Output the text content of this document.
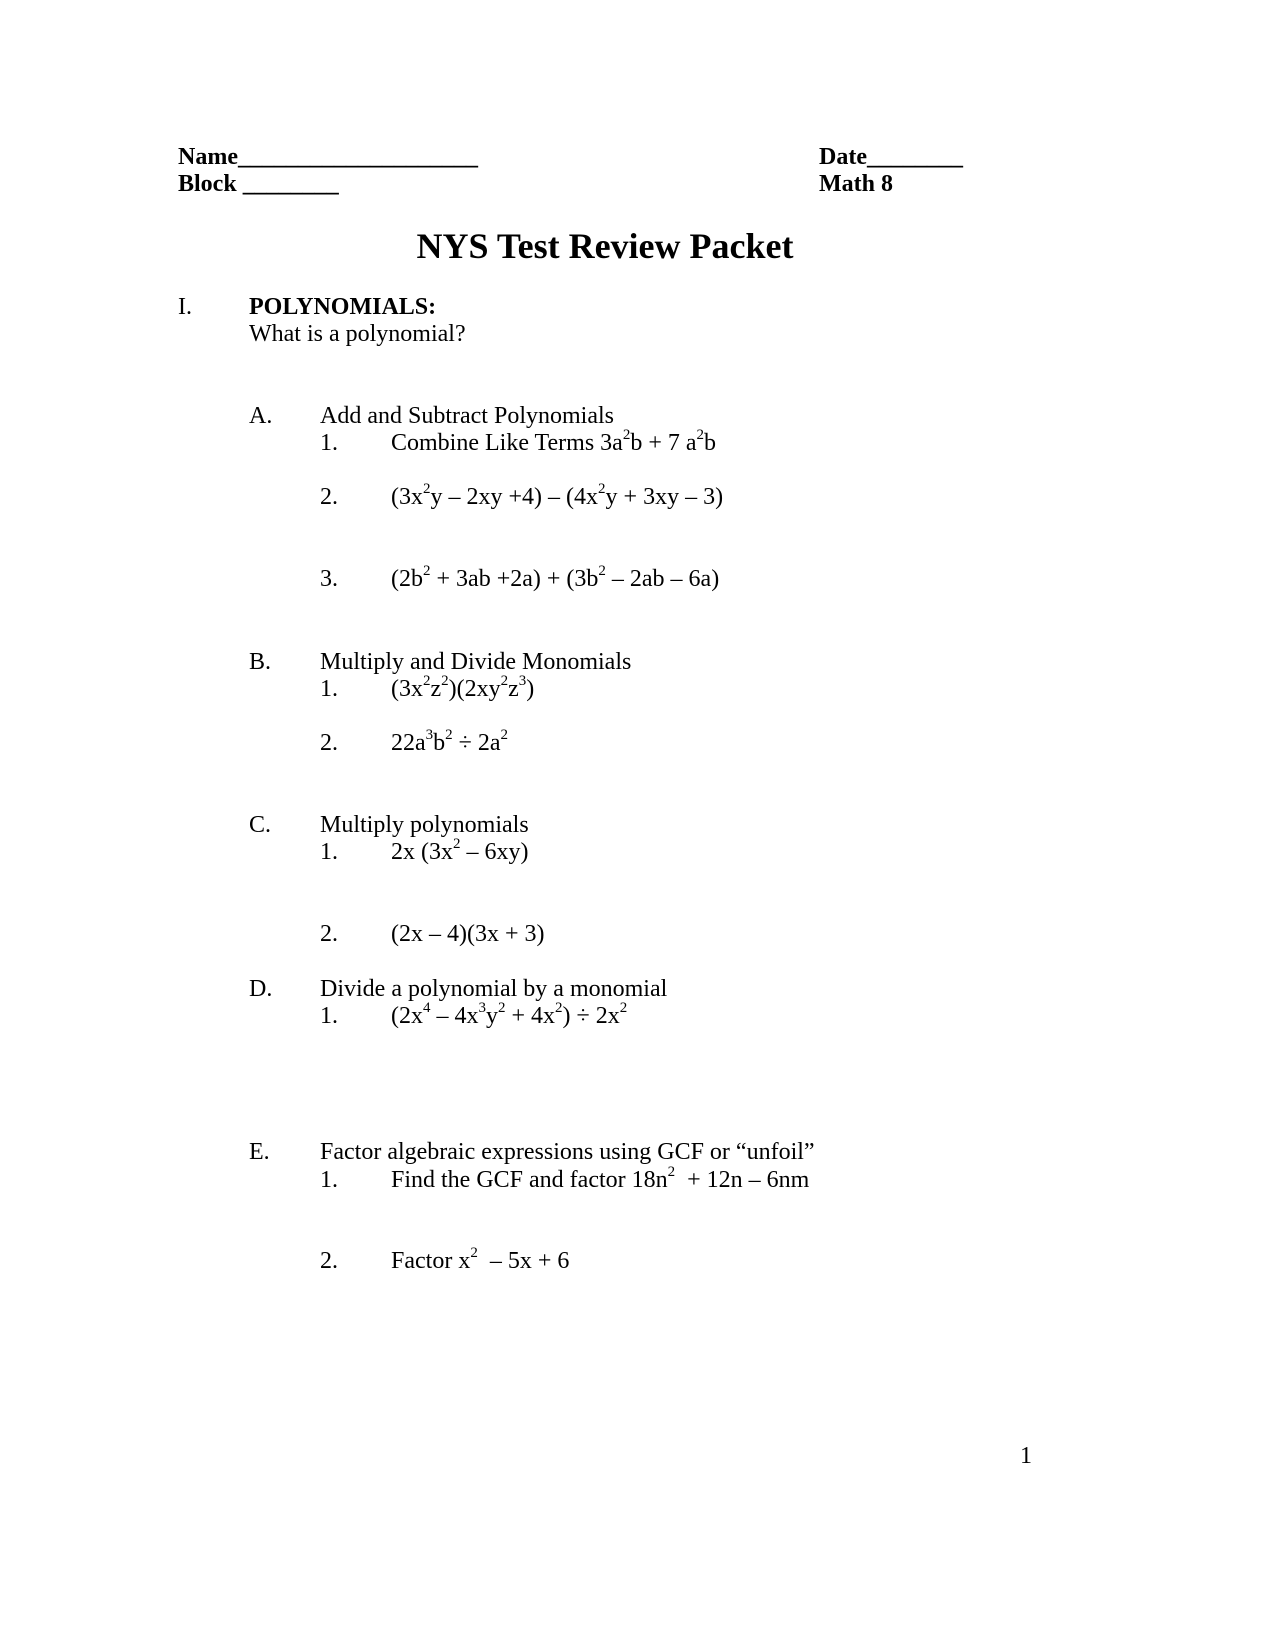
Name____________________
Block ________
Date________
Math 8
NYS Test Review Packet
I. POLYNOMIALS:
What is a polynomial?
A. Add and Subtract Polynomials
1. Combine Like Terms $3a^2b + 7$ $a^2b$
2. $(3x^2y - 2xy +4) - (4x^2y + 3xy - 3)$
3. $(2b^2 + 3ab +2a) + (3b^2 - 2ab - 6a)$
B. Multiply and Divide Monomials
1. $(3x^2z^2)(2xy^2z^3)$
2. $22a^3b^2 \div 2a^2$
C. Multiply polynomials
1. 2x $(3x^2 - 6xy)$
2. (2x – 4)(3x + 3)
D. Divide a polynomial by a monomial
1. $(2x^4 - 4x^3y^2 + 4x^2) \div 2x^2$
E. Factor algebraic expressions using GCF or “unfoil”
1. Find the GCF and factor $18n^2 + 12n - 6nm$
2. Factor $x^2 - 5x + 6$
1
